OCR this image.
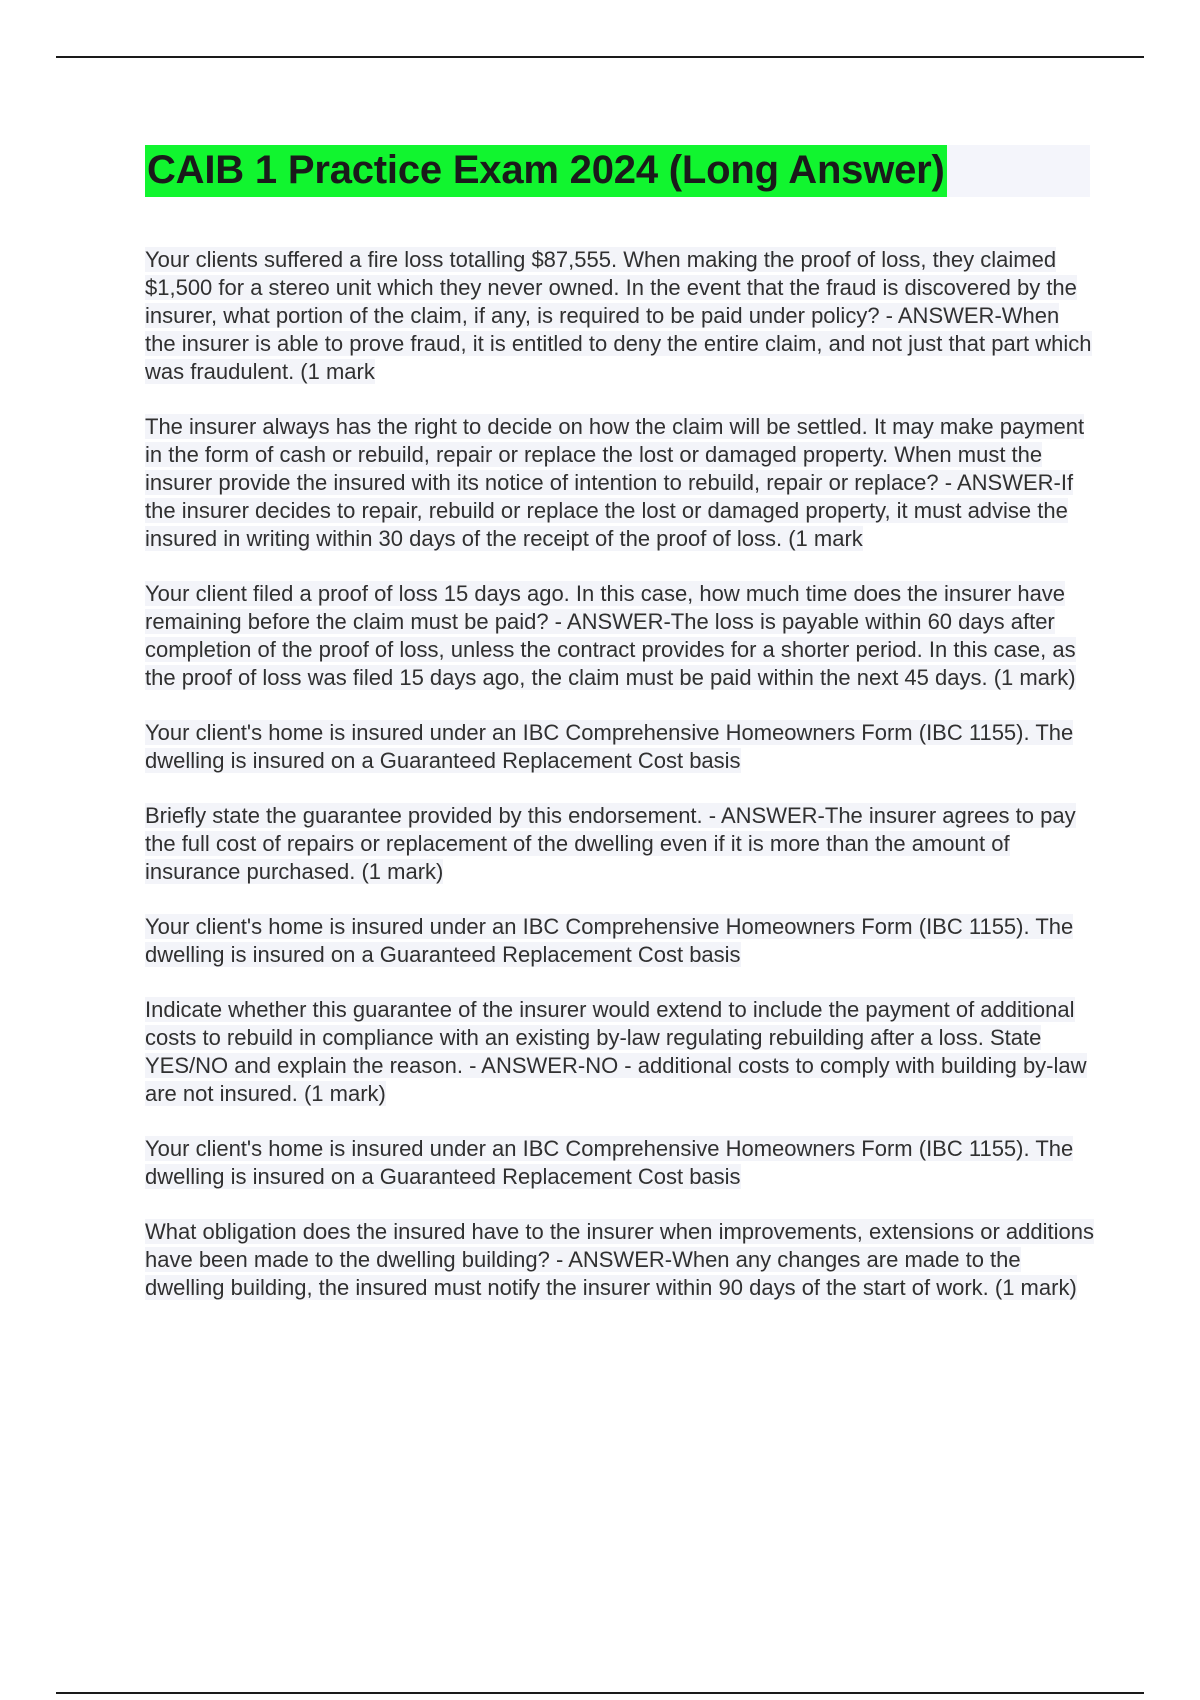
CAIB 1 Practice Exam 2024 (Long Answer)

Your clients suffered a fire loss totalling $87,555. When making the proof of loss, they claimed $1,500 for a stereo unit which they never owned. In the event that the fraud is discovered by the insurer, what portion of the claim, if any, is required to be paid under policy? - ANSWER-When the insurer is able to prove fraud, it is entitled to deny the entire claim, and not just that part which was fraudulent. (1 mark

The insurer always has the right to decide on how the claim will be settled. It may make payment in the form of cash or rebuild, repair or replace the lost or damaged property. When must the insurer provide the insured with its notice of intention to rebuild, repair or replace? - ANSWER-If the insurer decides to repair, rebuild or replace the lost or damaged property, it must advise the insured in writing within 30 days of the receipt of the proof of loss. (1 mark

Your client filed a proof of loss 15 days ago. In this case, how much time does the insurer have remaining before the claim must be paid? - ANSWER-The loss is payable within 60 days after completion of the proof of loss, unless the contract provides for a shorter period. In this case, as the proof of loss was filed 15 days ago, the claim must be paid within the next 45 days. (1 mark)

Your client's home is insured under an IBC Comprehensive Homeowners Form (IBC 1155). The dwelling is insured on a Guaranteed Replacement Cost basis

Briefly state the guarantee provided by this endorsement. - ANSWER-The insurer agrees to pay the full cost of repairs or replacement of the dwelling even if it is more than the amount of insurance purchased. (1 mark)

Your client's home is insured under an IBC Comprehensive Homeowners Form (IBC 1155). The dwelling is insured on a Guaranteed Replacement Cost basis

Indicate whether this guarantee of the insurer would extend to include the payment of additional costs to rebuild in compliance with an existing by-law regulating rebuilding after a loss. State YES/NO and explain the reason. - ANSWER-NO - additional costs to comply with building by-law are not insured. (1 mark)

Your client's home is insured under an IBC Comprehensive Homeowners Form (IBC 1155). The dwelling is insured on a Guaranteed Replacement Cost basis

What obligation does the insured have to the insurer when improvements, extensions or additions have been made to the dwelling building? - ANSWER-When any changes are made to the dwelling building, the insured must notify the insurer within 90 days of the start of work. (1 mark)
